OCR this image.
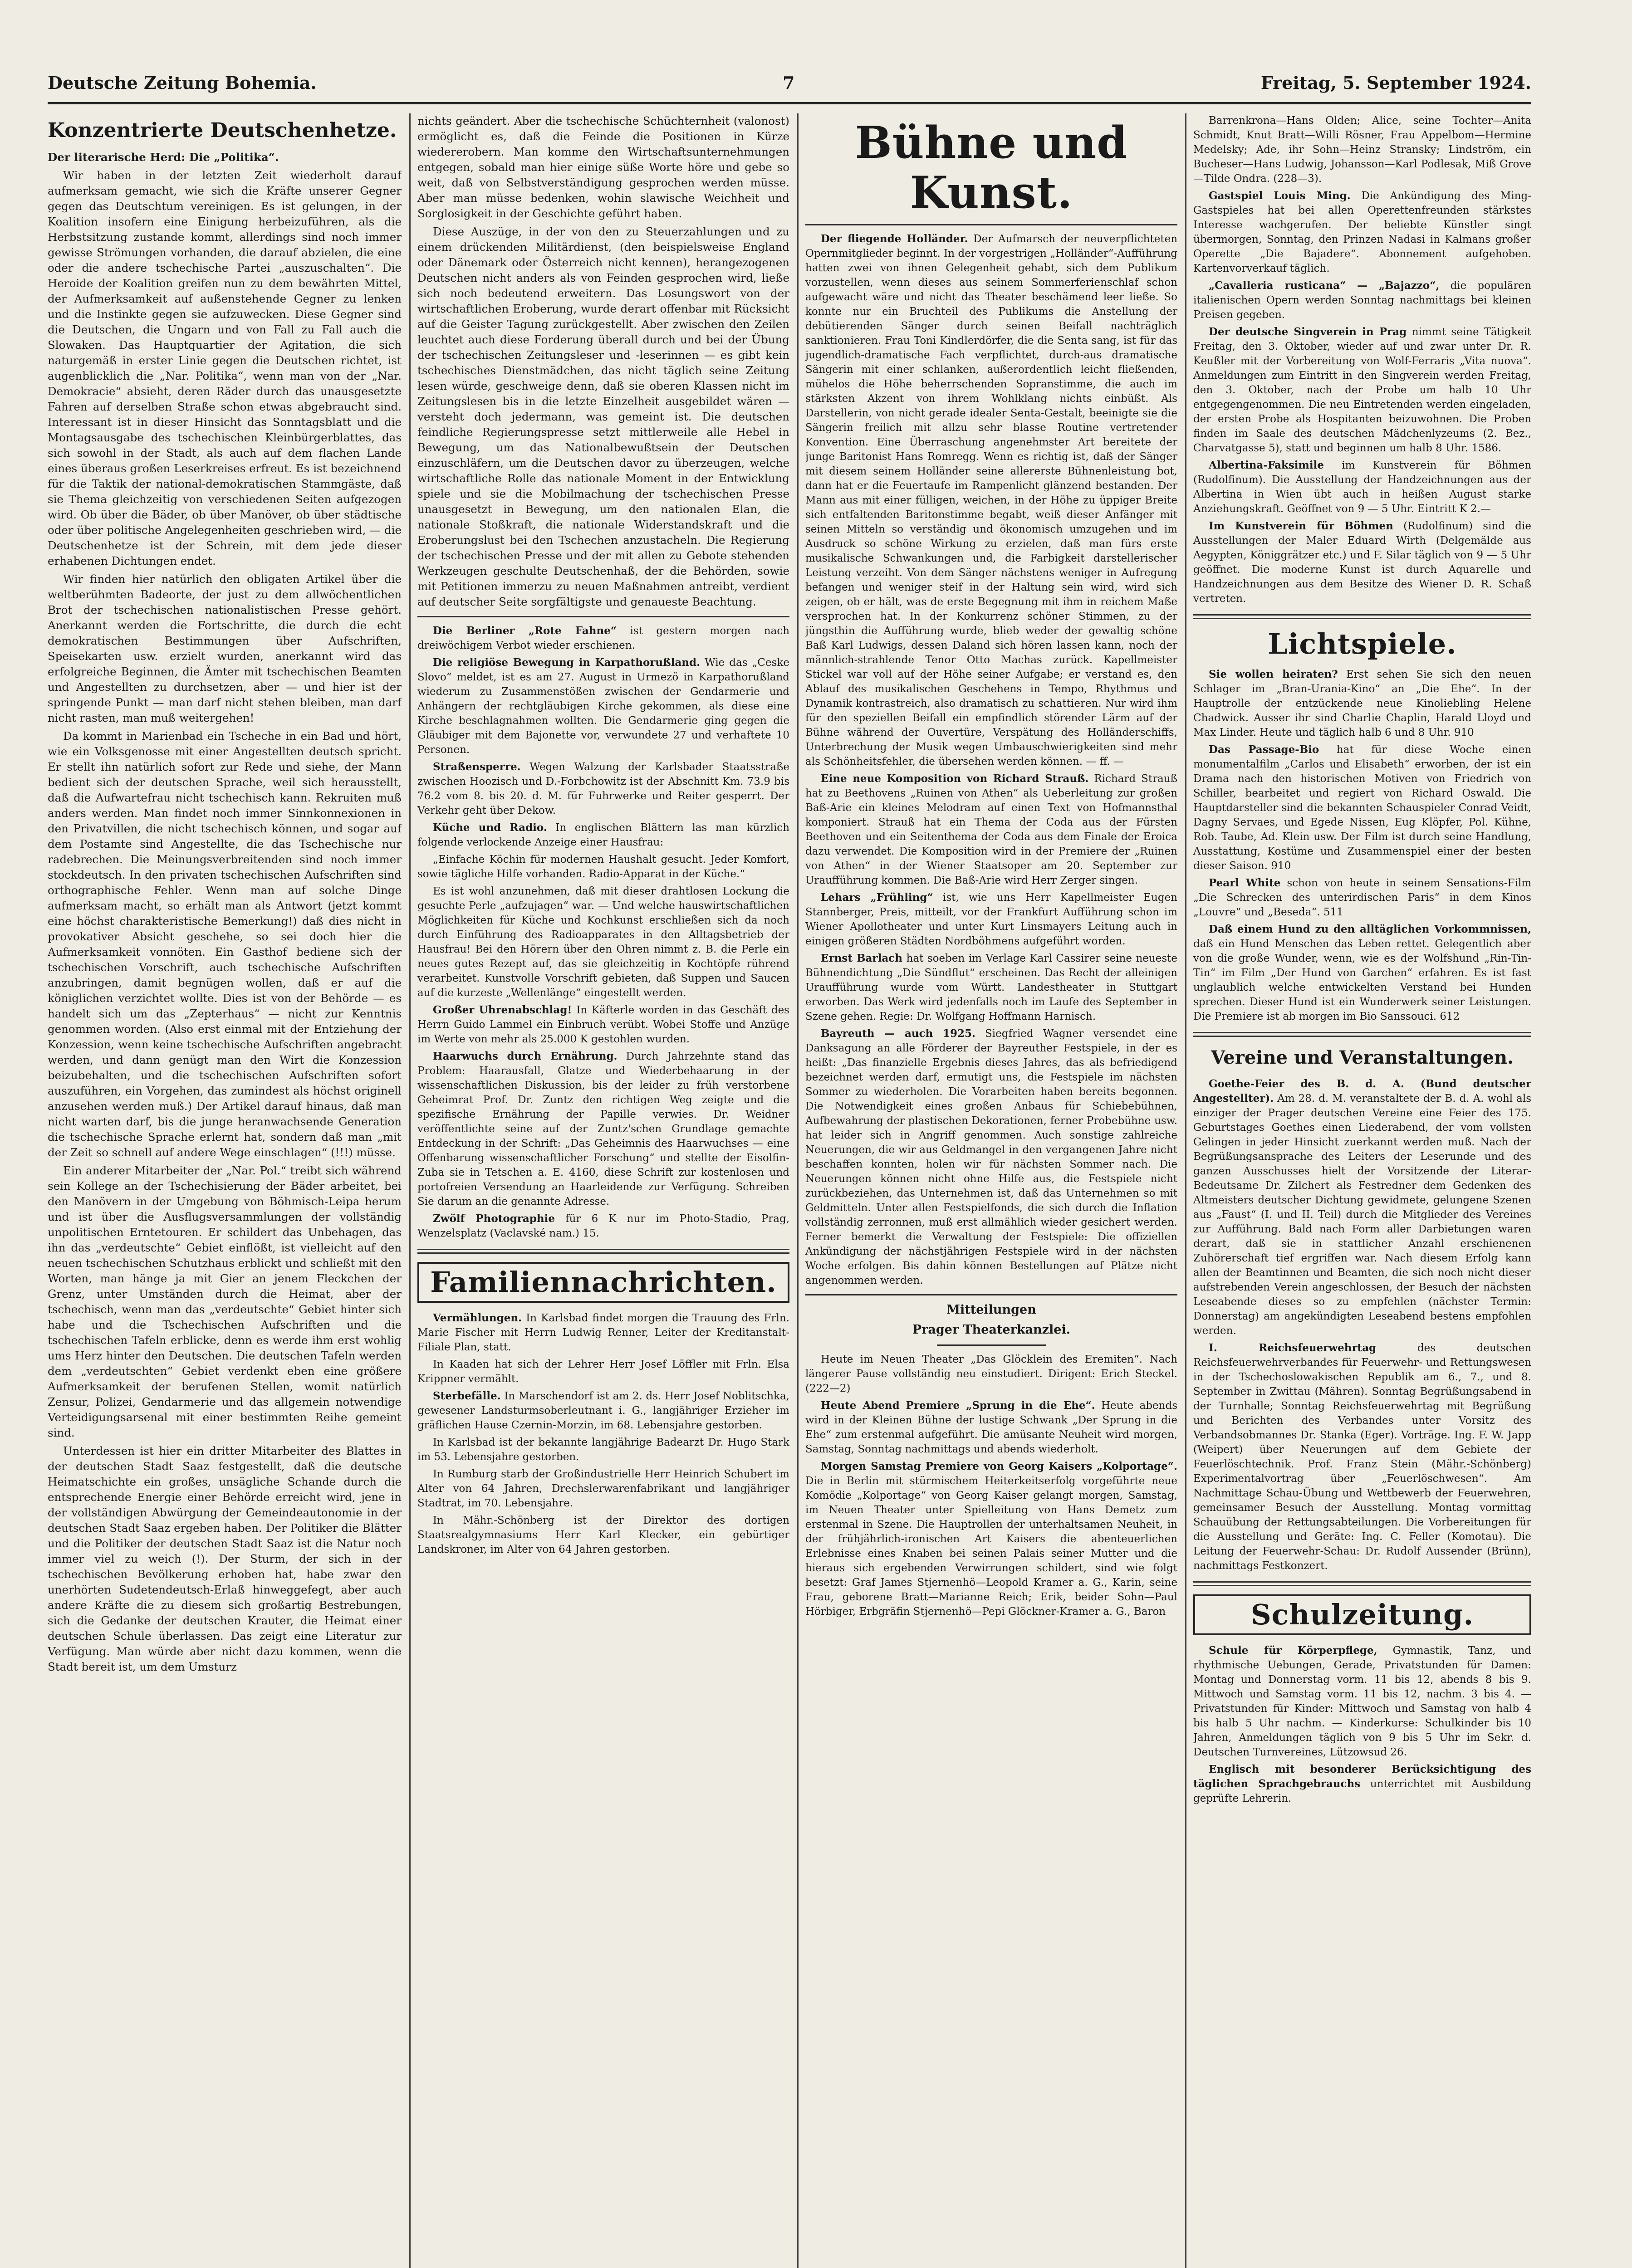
Deutsche Zeitung Bohemia.	7	Freitag, 5. September 1924.
Konzentrierte Deutschenhetze.

Der literarische Herd: Die „Politika“.

Wir haben in der letzten Zeit wiederholt darauf aufmerksam gemacht, wie sich die Kräfte unserer Gegner gegen das Deutschtum vereinigen. Es ist gelungen, in der Koalition insofern eine Einigung herbeizuführen, als die Herbstsitzung zustande kommt, allerdings sind noch immer gewisse Strömungen vorhanden, die darauf abzielen, die eine oder die andere tschechische Partei „auszuschalten“. Die Heroide der Koalition greifen nun zu dem bewährten Mittel, der Aufmerksamkeit auf außenstehende Gegner zu lenken und die Instinkte gegen sie aufzuwecken. Diese Gegner sind die Deutschen, die Ungarn und von Fall zu Fall auch die Slowaken. Das Hauptquartier der Agitation, die sich naturgemäß in erster Linie gegen die Deutschen richtet, ist augenblicklich die „Nar. Politika“, wenn man von der „Nar. Demokracie“ absieht, deren Räder durch das unausgesetzte Fahren auf derselben Straße schon etwas abgebraucht sind. Interessant ist in dieser Hinsicht das Sonntagsblatt und die Montagsausgabe des tschechischen Kleinbürgerblattes, das sich sowohl in der Stadt, als auch auf dem flachen Lande eines überaus großen Leserkreises erfreut. Es ist bezeichnend für die Taktik der national-demokratischen Stammgäste, daß sie Thema gleichzeitig von verschiedenen Seiten aufgezogen wird. Ob über die Bäder, ob über Manöver, ob über städtische oder über politische Angelegenheiten geschrieben wird, — die Deutschenhetze ist der Schrein, mit dem jede dieser erhabenen Dichtungen endet.

Wir finden hier natürlich den obligaten Artikel über die weltberühmten Badeorte, der just zu dem allwöchentlichen Brot der tschechischen nationalistischen Presse gehört. Anerkannt werden die Fortschritte, die durch die echt demokratischen Bestimmungen über Aufschriften, Speisekarten usw. erzielt wurden, anerkannt wird das erfolgreiche Beginnen, die Ämter mit tschechischen Beamten und Angestellten zu durchsetzen, aber — und hier ist der springende Punkt — man darf nicht stehen bleiben, man darf nicht rasten, man muß weitergehen!

Da kommt in Marienbad ein Tscheche in ein Bad und hört, wie ein Volksgenosse mit einer Angestellten deutsch spricht. Er stellt ihn natürlich sofort zur Rede und siehe, der Mann bedient sich der deutschen Sprache, weil sich herausstellt, daß die Aufwartefrau nicht tschechisch kann. Rekruiten muß anders werden. Man findet noch immer Sinnkonnexionen in den Privatvillen, die nicht tschechisch können, und sogar auf dem Postamte sind Angestellte, die das Tschechische nur radebrechen. Die Meinungsverbreitenden sind noch immer stockdeutsch. In den privaten tschechischen Aufschriften sind orthographische Fehler. Wenn man auf solche Dinge aufmerksam macht, so erhält man als Antwort (jetzt kommt eine höchst charakteristische Bemerkung!) daß dies nicht in provokativer Absicht geschehe, so sei doch hier die Aufmerksamkeit vonnöten. Ein Gasthof bediene sich der tschechischen Vorschrift, auch tschechische Aufschriften anzubringen, damit begnügen wollen, daß er auf die königlichen verzichtet wollte. Dies ist von der Behörde — es handelt sich um das „Zepterhaus“ — nicht zur Kenntnis genommen worden. (Also erst einmal mit der Entziehung der Konzession, wenn keine tschechische Aufschriften angebracht werden, und dann genügt man den Wirt die Konzession beizubehalten, und die tschechischen Aufschriften sofort auszuführen, ein Vorgehen, das zumindest als höchst originell anzusehen werden muß.) Der Artikel darauf hinaus, daß man nicht warten darf, bis die junge heranwachsende Generation die tschechische Sprache erlernt hat, sondern daß man „mit der Zeit so schnell auf andere Wege einschlagen“ (!!!) müsse.

Ein anderer Mitarbeiter der „Nar. Pol.“ treibt sich während sein Kollege an der Tschechisierung der Bäder arbeitet, bei den Manövern in der Umgebung von Böhmisch-Leipa herum und ist über die Ausflugsversammlungen der vollständig unpolitischen Erntetouren. Er schildert das Unbehagen, das ihn das „verdeutschte“ Gebiet einflößt, ist vielleicht auf den neuen tschechischen Schutzhaus erblickt und schließt mit den Worten, man hänge ja mit Gier an jenem Fleckchen der Grenz, unter Umständen durch die Heimat, aber der tschechisch, wenn man das „verdeutschte“ Gebiet hinter sich habe und die Tschechischen Aufschriften und die tschechischen Tafeln erblicke, denn es werde ihm erst wohlig ums Herz hinter den Deutschen. Die deutschen Tafeln werden dem „verdeutschten“ Gebiet verdenkt eben eine größere Aufmerksamkeit der berufenen Stellen, womit natürlich Zensur, Polizei, Gendarmerie und das allgemein notwendige Verteidigungsarsenal mit einer bestimmten Reihe gemeint sind.

Unterdessen ist hier ein dritter Mitarbeiter des Blattes in der deutschen Stadt Saaz festgestellt, daß die deutsche Heimatschichte ein großes, unsägliche Schande durch die entsprechende Energie einer Behörde erreicht wird, jene in der vollständigen Abwürgung der Gemeindeautonomie in der deutschen Stadt Saaz ergeben haben. Der Politiker die Blätter und die Politiker der deutschen Stadt Saaz ist die Natur noch immer viel zu weich (!). Der Sturm, der sich in der tschechischen Bevölkerung erhoben hat, habe zwar den unerhörten Sudetendeutsch-Erlaß hinweggefegt, aber auch andere Kräfte die zu diesem sich großartig Bestrebungen, sich die Gedanke der deutschen Krauter, die Heimat einer deutschen Schule überlassen. Das zeigt eine Literatur zur Verfügung. Man würde aber nicht dazu kommen, wenn die Stadt bereit ist, um dem Umsturz

nichts geändert. Aber die tschechische Schüchternheit (valonost) ermöglicht es, daß die Feinde die Positionen in Kürze wiedererobern. Man komme den Wirtschaftsunternehmungen entgegen, sobald man hier einige süße Worte höre und gebe so weit, daß von Selbstverständigung gesprochen werden müsse. Aber man müsse bedenken, wohin slawische Weichheit und Sorglosigkeit in der Geschichte geführt haben.

Diese Auszüge, in der von den zu Steuerzahlungen und zu einem drückenden Militärdienst, (den beispielsweise England oder Dänemark oder Österreich nicht kennen), herangezogenen Deutschen nicht anders als von Feinden gesprochen wird, ließe sich noch bedeutend erweitern. Das Losungswort von der wirtschaftlichen Eroberung, wurde derart offenbar mit Rücksicht auf die Geister Tagung zurückgestellt. Aber zwischen den Zeilen leuchtet auch diese Forderung überall durch und bei der Übung der tschechischen Zeitungsleser und -leserinnen — es gibt kein tschechisches Dienstmädchen, das nicht täglich seine Zeitung lesen würde, geschweige denn, daß sie oberen Klassen nicht im Zeitungslesen bis in die letzte Einzelheit ausgebildet wären — versteht doch jedermann, was gemeint ist. Die deutschen feindliche Regierungspresse setzt mittlerweile alle Hebel in Bewegung, um das Nationalbewußtsein der Deutschen einzuschläfern, um die Deutschen davor zu überzeugen, welche wirtschaftliche Rolle das nationale Moment in der Entwicklung spiele und sie die Mobilmachung der tschechischen Presse unausgesetzt in Bewegung, um den nationalen Elan, die nationale Stoßkraft, die nationale Widerstandskraft und die Eroberungslust bei den Tschechen anzustacheln. Die Regierung der tschechischen Presse und der mit allen zu Gebote stehenden Werkzeugen geschulte Deutschenhaß, der die Behörden, sowie mit Petitionen immerzu zu neuen Maßnahmen antreibt, verdient auf deutscher Seite sorgfältigste und genaueste Beachtung.

Die Berliner „Rote Fahne“ ist gestern morgen nach dreiwöchigem Verbot wieder erschienen.

Die religiöse Bewegung in Karpathorußland. Wie das „Ceske Slovo“ meldet, ist es am 27. August in Urmezö in Karpathorußland wiederum zu Zusammenstößen zwischen der Gendarmerie und Anhängern der rechtgläubigen Kirche gekommen, als diese eine Kirche beschlagnahmen wollten. Die Gendarmerie ging gegen die Gläubiger mit dem Bajonette vor, verwundete 27 und verhaftete 10 Personen.

Straßensperre. Wegen Walzung der Karlsbader Staatsstraße zwischen Hoozisch und D.-Forbchowitz ist der Abschnitt Km. 73.9 bis 76.2 vom 8. bis 20. d. M. für Fuhrwerke und Reiter gesperrt. Der Verkehr geht über Dekow.

Küche und Radio. In englischen Blättern las man kürzlich folgende verlockende Anzeige einer Hausfrau:

„Einfache Köchin für modernen Haushalt gesucht. Jeder Komfort, sowie tägliche Hilfe vorhanden. Radio-Apparat in der Küche.“

Es ist wohl anzunehmen, daß mit dieser drahtlosen Lockung die gesuchte Perle „aufzujagen“ war. — Und welche hauswirtschaftlichen Möglichkeiten für Küche und Kochkunst erschließen sich da noch durch Einführung des Radioapparates in den Alltagsbetrieb der Hausfrau! Bei den Hörern über den Ohren nimmt z. B. die Perle ein neues gutes Rezept auf, das sie gleichzeitig in Kochtöpfe rührend verarbeitet. Kunstvolle Vorschrift gebieten, daß Suppen und Saucen auf die kurzeste „Wellenlänge“ eingestellt werden.

Großer Uhrenabschlag! In Käfterle worden in das Geschäft des Herrn Guido Lammel ein Einbruch verübt. Wobei Stoffe und Anzüge im Werte von mehr als 25.000 K gestohlen wurden.

Haarwuchs durch Ernährung. Durch Jahrzehnte stand das Problem: Haarausfall, Glatze und Wiederbehaarung in der wissenschaftlichen Diskussion, bis der leider zu früh verstorbene Geheimrat Prof. Dr. Zuntz den richtigen Weg zeigte und die spezifische Ernährung der Papille verwies. Dr. Weidner veröffentlichte seine auf der Zuntz'schen Grundlage gemachte Entdeckung in der Schrift: „Das Geheimnis des Haarwuchses — eine Offenbarung wissenschaftlicher Forschung“ und stellte der Eisolfin-Zuba sie in Tetschen a. E. 4160, diese Schrift zur kostenlosen und portofreien Versendung an Haarleidende zur Verfügung. Schreiben Sie darum an die genannte Adresse.

Zwölf Photographie für 6 K nur im Photo-Stadio, Prag, Wenzelsplatz (Vaclavské nam.) 15.

Familiennachrichten.

Vermählungen. In Karlsbad findet morgen die Trauung des Frln. Marie Fischer mit Herrn Ludwig Renner, Leiter der Kreditanstalt-Filiale Plan, statt.

In Kaaden hat sich der Lehrer Herr Josef Löffler mit Frln. Elsa Krippner vermählt.

Sterbefälle. In Marschendorf ist am 2. ds. Herr Josef Noblitschka, gewesener Landsturmsoberleutnant i. G., langjähriger Erzieher im gräflichen Hause Czernin-Morzin, im 68. Lebensjahre gestorben.

In Karlsbad ist der bekannte langjährige Badearzt Dr. Hugo Stark im 53. Lebensjahre gestorben.

In Rumburg starb der Großindustrielle Herr Heinrich Schubert im Alter von 64 Jahren, Drechslerwarenfabrikant und langjähriger Stadtrat, im 70. Lebensjahre.

In Mähr.-Schönberg ist der Direktor des dortigen Staatsrealgymnasiums Herr Karl Klecker, ein gebürtiger Landskroner, im Alter von 64 Jahren gestorben.

Bühne und Kunst.

Der fliegende Holländer. Der Aufmarsch der neuverpflichteten Opernmitglieder beginnt. In der vorgestrigen „Holländer“-Aufführung hatten zwei von ihnen Gelegenheit gehabt, sich dem Publikum vorzustellen, wenn dieses aus seinem Sommerferienschlaf schon aufgewacht wäre und nicht das Theater beschämend leer ließe. So konnte nur ein Bruchteil des Publikums die Anstellung der debütierenden Sänger durch seinen Beifall nachträglich sanktionieren. Frau Toni Kindlerdörfer, die die Senta sang, ist für das jugendlich-dramatische Fach verpflichtet, durch-aus dramatische Sängerin mit einer schlanken, außerordentlich leicht fließenden, mühelos die Höhe beherrschenden Sopranstimme, die auch im stärksten Akzent von ihrem Wohlklang nichts einbüßt. Als Darstellerin, von nicht gerade idealer Senta-Gestalt, beeinigte sie die Sängerin freilich mit allzu sehr blasse Routine vertretender Konvention. Eine Überraschung angenehmster Art bereitete der junge Baritonist Hans Romregg. Wenn es richtig ist, daß der Sänger mit diesem seinem Holländer seine allererste Bühnenleistung bot, dann hat er die Feuertaufe im Rampenlicht glänzend bestanden. Der Mann aus mit einer fülligen, weichen, in der Höhe zu üppiger Breite sich entfaltenden Baritonstimme begabt, weiß dieser Anfänger mit seinen Mitteln so verständig und ökonomisch umzugehen und im Ausdruck so schöne Wirkung zu erzielen, daß man fürs erste musikalische Schwankungen und, die Farbigkeit darstellerischer Leistung verzeiht. Von dem Sänger nächstens weniger in Aufregung befangen und weniger steif in der Haltung sein wird, wird sich zeigen, ob er hält, was de erste Begegnung mit ihm in reichem Maße versprochen hat. In der Konkurrenz schöner Stimmen, zu der jüngsthin die Aufführung wurde, blieb weder der gewaltig schöne Baß Karl Ludwigs, dessen Daland sich hören lassen kann, noch der männlich-strahlende Tenor Otto Machas zurück. Kapellmeister Stickel war voll auf der Höhe seiner Aufgabe; er verstand es, den Ablauf des musikalischen Geschehens in Tempo, Rhythmus und Dynamik kontrastreich, also dramatisch zu schattieren. Nur wird ihm für den speziellen Beifall ein empfindlich störender Lärm auf der Bühne während der Ouvertüre, Verspätung des Holländerschiffs, Unterbrechung der Musik wegen Umbauschwierigkeiten sind mehr als Schönheitsfehler, die übersehen werden können. — ff. —

Eine neue Komposition von Richard Strauß. Richard Strauß hat zu Beethovens „Ruinen von Athen“ als Ueberleitung zur großen Baß-Arie ein kleines Melodram auf einen Text von Hofmannsthal komponiert. Strauß hat ein Thema der Coda aus der Fürsten Beethoven und ein Seitenthema der Coda aus dem Finale der Eroica dazu verwendet. Die Komposition wird in der Premiere der „Ruinen von Athen“ in der Wiener Staatsoper am 20. September zur Uraufführung kommen. Die Baß-Arie wird Herr Zerger singen.

Lehars „Frühling“ ist, wie uns Herr Kapellmeister Eugen Stannberger, Preis, mitteilt, vor der Frankfurt Aufführung schon im Wiener Apollotheater und unter Kurt Linsmayers Leitung auch in einigen größeren Städten Nordböhmens aufgeführt worden.

Ernst Barlach hat soeben im Verlage Karl Cassirer seine neueste Bühnendichtung „Die Sündflut“ erscheinen. Das Recht der alleinigen Uraufführung wurde vom Württ. Landestheater in Stuttgart erworben. Das Werk wird jedenfalls noch im Laufe des September in Szene gehen. Regie: Dr. Wolfgang Hoffmann Harnisch.

Bayreuth — auch 1925. Siegfried Wagner versendet eine Danksagung an alle Förderer der Bayreuther Festspiele, in der es heißt: „Das finanzielle Ergebnis dieses Jahres, das als befriedigend bezeichnet werden darf, ermutigt uns, die Festspiele im nächsten Sommer zu wiederholen. Die Vorarbeiten haben bereits begonnen. Die Notwendigkeit eines großen Anbaus für Schiebebühnen, Aufbewahrung der plastischen Dekorationen, ferner Probebühne usw. hat leider sich in Angriff genommen. Auch sonstige zahlreiche Neuerungen, die wir aus Geldmangel in den vergangenen Jahre nicht beschaffen konnten, holen wir für nächsten Sommer nach. Die Neuerungen können nicht ohne Hilfe aus, die Festspiele nicht zurückbeziehen, das Unternehmen ist, daß das Unternehmen so mit Geldmitteln. Unter allen Festspielfonds, die sich durch die Inflation vollständig zerronnen, muß erst allmählich wieder gesichert werden. Ferner bemerkt die Verwaltung der Festspiele: Die offiziellen Ankündigung der nächstjährigen Festspiele wird in der nächsten Woche erfolgen. Bis dahin können Bestellungen auf Plätze nicht angenommen werden.

Mitteilungen
Prager Theaterkanzlei.

Heute im Neuen Theater „Das Glöcklein des Eremiten“. Nach längerer Pause vollständig neu einstudiert. Dirigent: Erich Steckel. (222—2)

Heute Abend Premiere „Sprung in die Ehe“. Heute abends wird in der Kleinen Bühne der lustige Schwank „Der Sprung in die Ehe“ zum erstenmal aufgeführt. Die amüsante Neuheit wird morgen, Samstag, Sonntag nachmittags und abends wiederholt.

Morgen Samstag Premiere von Georg Kaisers „Kolportage“. Die in Berlin mit stürmischem Heiterkeitserfolg vorgeführte neue Komödie „Kolportage“ von Georg Kaiser gelangt morgen, Samstag, im Neuen Theater unter Spielleitung von Hans Demetz zum erstenmal in Szene. Die Hauptrollen der unterhaltsamen Neuheit, in der frühjährlich-ironischen Art Kaisers die abenteuerlichen Erlebnisse eines Knaben bei seinen Palais seiner Mutter und die hieraus sich ergebenden Verwirrungen schildert, sind wie folgt besetzt: Graf James Stjernenhö—Leopold Kramer a. G., Karin, seine Frau, geborene Bratt—Marianne Reich; Erik, beider Sohn—Paul Hörbiger, Erbgräfin Stjernenhö—Pepi Glöckner-Kramer a. G., Baron

Barrenkrona—Hans Olden; Alice, seine Tochter—Anita Schmidt, Knut Bratt—Willi Rösner, Frau Appelbom—Hermine Medelsky; Ade, ihr Sohn—Heinz Stransky; Lindström, ein Bucheser—Hans Ludwig, Johansson—Karl Podlesak, Miß Grove—Tilde Ondra. (228—3).

Gastspiel Louis Ming. Die Ankündigung des Ming-Gastspieles hat bei allen Operettenfreunden stärkstes Interesse wachgerufen. Der beliebte Künstler singt übermorgen, Sonntag, den Prinzen Nadasi in Kalmans großer Operette „Die Bajadere“. Abonnement aufgehoben. Kartenvorverkauf täglich.

„Cavalleria rusticana“ — „Bajazzo“, die populären italienischen Opern werden Sonntag nachmittags bei kleinen Preisen gegeben.

Der deutsche Singverein in Prag nimmt seine Tätigkeit Freitag, den 3. Oktober, wieder auf und zwar unter Dr. R. Keußler mit der Vorbereitung von Wolf-Ferraris „Vita nuova“. Anmeldungen zum Eintritt in den Singverein werden Freitag, den 3. Oktober, nach der Probe um halb 10 Uhr entgegengenommen. Die neu Eintretenden werden eingeladen, der ersten Probe als Hospitanten beizuwohnen. Die Proben finden im Saale des deutschen Mädchenlyzeums (2. Bez., Charvatgasse 5), statt und beginnen um halb 8 Uhr. 1586.

Albertina-Faksimile im Kunstverein für Böhmen (Rudolfinum). Die Ausstellung der Handzeichnungen aus der Albertina in Wien übt auch in heißen August starke Anziehungskraft. Geöffnet von 9 — 5 Uhr. Eintritt K 2.—

Im Kunstverein für Böhmen (Rudolfinum) sind die Ausstellungen der Maler Eduard Wirth (Delgemälde aus Aegypten, Königgrätzer etc.) und F. Silar täglich von 9 — 5 Uhr geöffnet. Die moderne Kunst ist durch Aquarelle und Handzeichnungen aus dem Besitze des Wiener D. R. Schaß vertreten.

Lichtspiele.

Sie wollen heiraten? Erst sehen Sie sich den neuen Schlager im „Bran-Urania-Kino“ an „Die Ehe“. In der Hauptrolle der entzückende neue Kinoliebling Helene Chadwick. Ausser ihr sind Charlie Chaplin, Harald Lloyd und Max Linder. Heute und täglich halb 6 und 8 Uhr. 910

Das Passage-Bio hat für diese Woche einen monumentalfilm „Carlos und Elisabeth“ erworben, der ist ein Drama nach den historischen Motiven von Friedrich von Schiller, bearbeitet und regiert von Richard Oswald. Die Hauptdarsteller sind die bekannten Schauspieler Conrad Veidt, Dagny Servaes, und Egede Nissen, Eug Klöpfer, Pol. Kühne, Rob. Taube, Ad. Klein usw. Der Film ist durch seine Handlung, Ausstattung, Kostüme und Zusammenspiel einer der besten dieser Saison. 910

Pearl White schon von heute in seinem Sensations-Film „Die Schrecken des unterirdischen Paris“ in dem Kinos „Louvre“ und „Beseda“. 511

Daß einem Hund zu den alltäglichen Vorkommnissen, daß ein Hund Menschen das Leben rettet. Gelegentlich aber von die große Wunder, wenn, wie es der Wolfshund „Rin-Tin-Tin“ im Film „Der Hund von Garchen“ erfahren. Es ist fast unglaublich welche entwickelten Verstand bei Hunden sprechen. Dieser Hund ist ein Wunderwerk seiner Leistungen. Die Premiere ist ab morgen im Bio Sanssouci. 612

Vereine und Veranstaltungen.

Goethe-Feier des B. d. A. (Bund deutscher Angestellter). Am 28. d. M. veranstaltete der B. d. A. wohl als einziger der Prager deutschen Vereine eine Feier des 175. Geburtstages Goethes einen Liederabend, der vom vollsten Gelingen in jeder Hinsicht zuerkannt werden muß. Nach der Begrüßungsansprache des Leiters der Leserunde und des ganzen Ausschusses hielt der Vorsitzende der Literar-Bedeutsame Dr. Zilchert als Festredner dem Gedenken des Altmeisters deutscher Dichtung gewidmete, gelungene Szenen aus „Faust“ (I. und II. Teil) durch die Mitglieder des Vereines zur Aufführung. Bald nach Form aller Darbietungen waren derart, daß sie in stattlicher Anzahl erschienenen Zuhörerschaft tief ergriffen war. Nach diesem Erfolg kann allen der Beamtinnen und Beamten, die sich noch nicht dieser aufstrebenden Verein angeschlossen, der Besuch der nächsten Leseabende dieses so zu empfehlen (nächster Termin: Donnerstag) am angekündigten Leseabend bestens empfohlen werden.

I. Reichsfeuerwehrtag	des deutschen Reichsfeuerwehrverbandes für Feuerwehr- und Rettungswesen in der Tschechoslowakischen Republik am 6., 7., und 8. September in Zwittau (Mähren). Sonntag Begrüßungsabend in der Turnhalle; Sonntag Reichsfeuerwehrtag mit Begrüßung und Berichten des Verbandes unter Vorsitz des Verbandsobmannes Dr. Stanka (Eger). Vorträge. Ing. F. W. Japp (Weipert) über Neuerungen auf dem Gebiete der Feuerlöschtechnik. Prof. Franz Stein (Mähr.-Schönberg) Experimentalvortrag über „Feuerlöschwesen“. Am Nachmittage Schau-Übung und Wettbewerb der Feuerwehren, gemeinsamer Besuch der Ausstellung. Montag vormittag Schauübung der Rettungsabteilungen. Die Vorbereitungen für die Ausstellung und Geräte: Ing. C. Feller (Komotau). Die Leitung der Feuerwehr-Schau: Dr. Rudolf Aussender (Brünn), nachmittags Festkonzert.

Schulzeitung.

Schule für Körperpflege, Gymnastik, Tanz, und rhythmische Uebungen, Gerade, Privatstunden für Damen: Montag und Donnerstag vorm. 11 bis 12, abends 8 bis 9. Mittwoch und Samstag vorm. 11 bis 12, nachm. 3 bis 4. — Privatstunden für Kinder: Mittwoch und Samstag von halb 4 bis halb 5 Uhr nachm. — Kinderkurse: Schulkinder bis 10 Jahren, Anmeldungen täglich von 9 bis 5 Uhr im Sekr. d. Deutschen Turnvereines, Lützowsud 26.

Englisch mit besonderer Berücksichtigung des täglichen Sprachgebrauchs unterrichtet mit Ausbildung geprüfte Lehrerin.
